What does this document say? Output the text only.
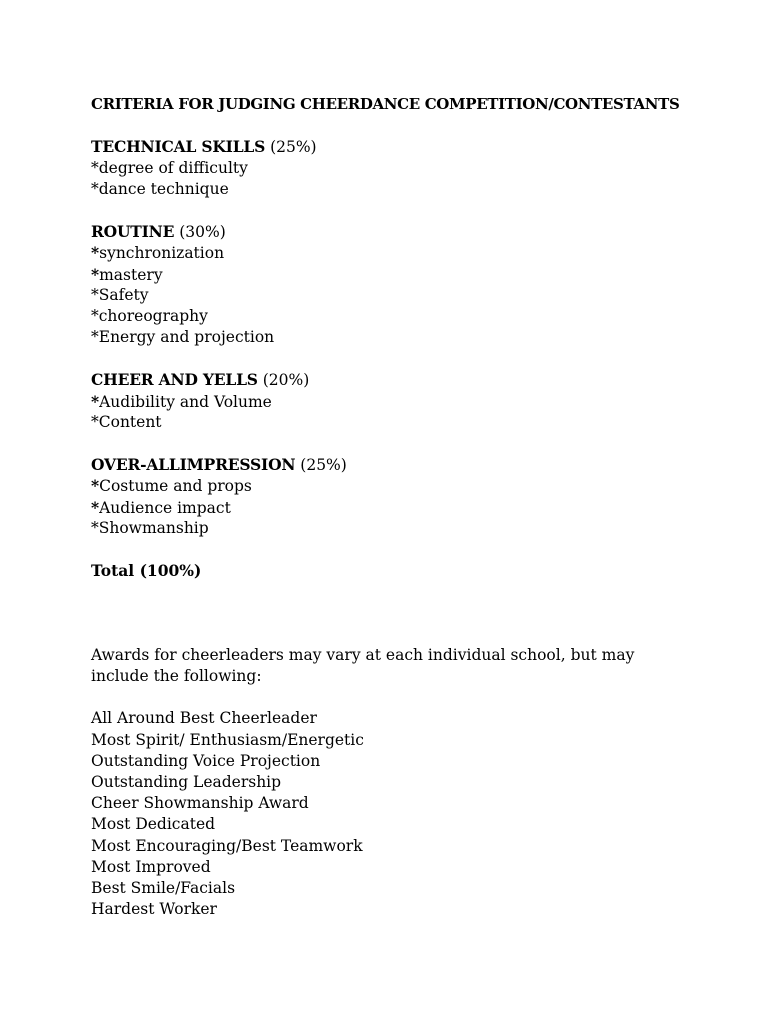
CRITERIA FOR JUDGING CHEERDANCE COMPETITION/CONTESTANTS
TECHNICAL SKILLS (25%)
*degree of difficulty
*dance technique
ROUTINE (30%)
*synchronization
*mastery
*Safety
*choreography
*Energy and projection
CHEER AND YELLS (20%)
*Audibility and Volume
*Content
OVER-ALLIMPRESSION (25%)
*Costume and props
*Audience impact
*Showmanship
Total (100%)
Awards for cheerleaders may vary at each individual school, but may include the following:
All Around Best Cheerleader
Most Spirit/ Enthusiasm/Energetic
Outstanding Voice Projection
Outstanding Leadership
Cheer Showmanship Award
Most Dedicated
Most Encouraging/Best Teamwork
Most Improved
Best Smile/Facials
Hardest Worker
